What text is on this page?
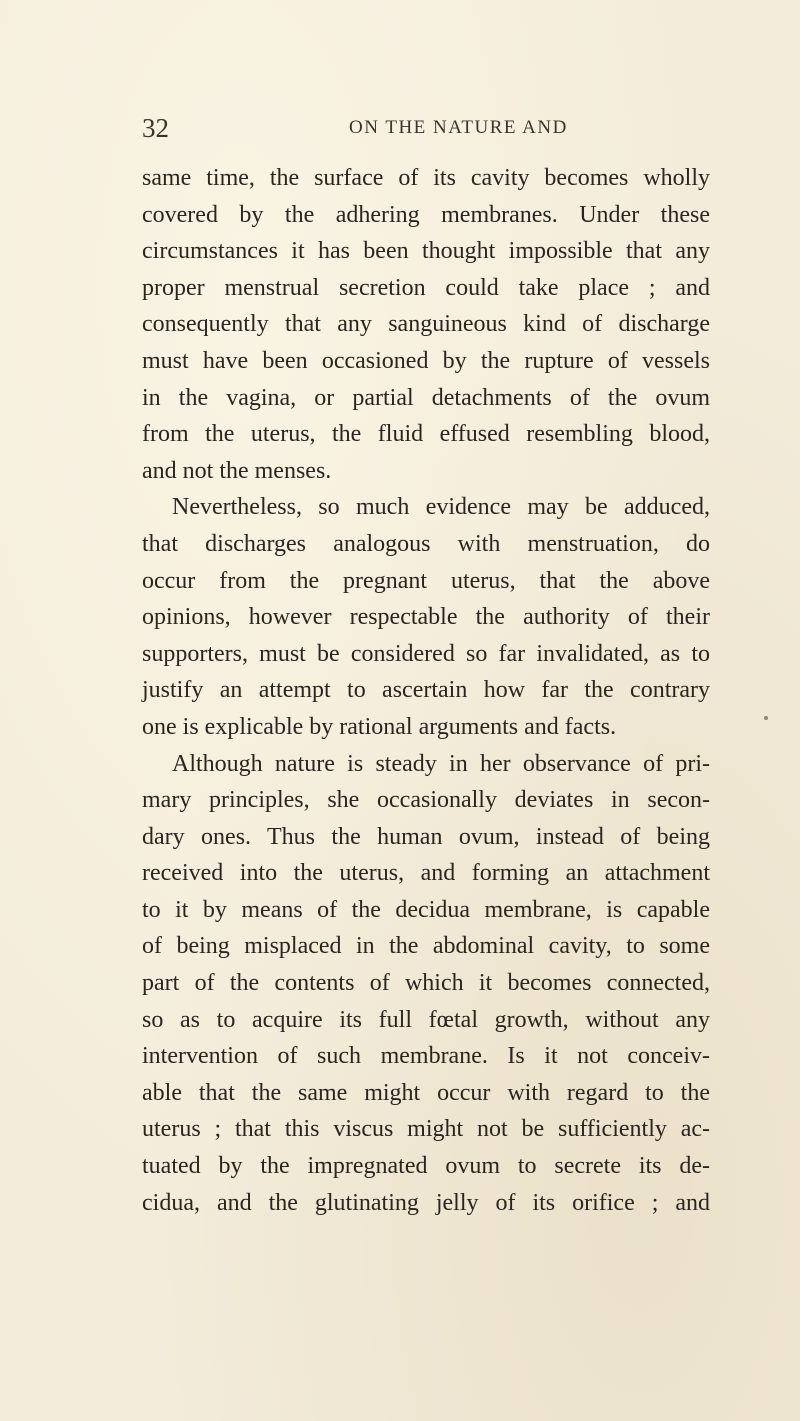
32	ON THE NATURE AND
same time, the surface of its cavity becomes wholly
covered by the adhering membranes. Under these
circumstances it has been thought impossible that any
proper menstrual secretion could take place ; and
consequently that any sanguineous kind of discharge
must have been occasioned by the rupture of vessels
in the vagina, or partial detachments of the ovum
from the uterus, the fluid effused resembling blood,
and not the menses.
Nevertheless, so much evidence may be adduced,
that discharges analogous with menstruation, do
occur from the pregnant uterus, that the above
opinions, however respectable the authority of their
supporters, must be considered so far invalidated, as to
justify an attempt to ascertain how far the contrary
one is explicable by rational arguments and facts.
Although nature is steady in her observance of pri-
mary principles, she occasionally deviates in secon-
dary ones. Thus the human ovum, instead of being
received into the uterus, and forming an attachment
to it by means of the decidua membrane, is capable
of being misplaced in the abdominal cavity, to some
part of the contents of which it becomes connected,
so as to acquire its full fœtal growth, without any
intervention of such membrane. Is it not conceiv-
able that the same might occur with regard to the
uterus ; that this viscus might not be sufficiently ac-
tuated by the impregnated ovum to secrete its de-
cidua, and the glutinating jelly of its orifice ; and
